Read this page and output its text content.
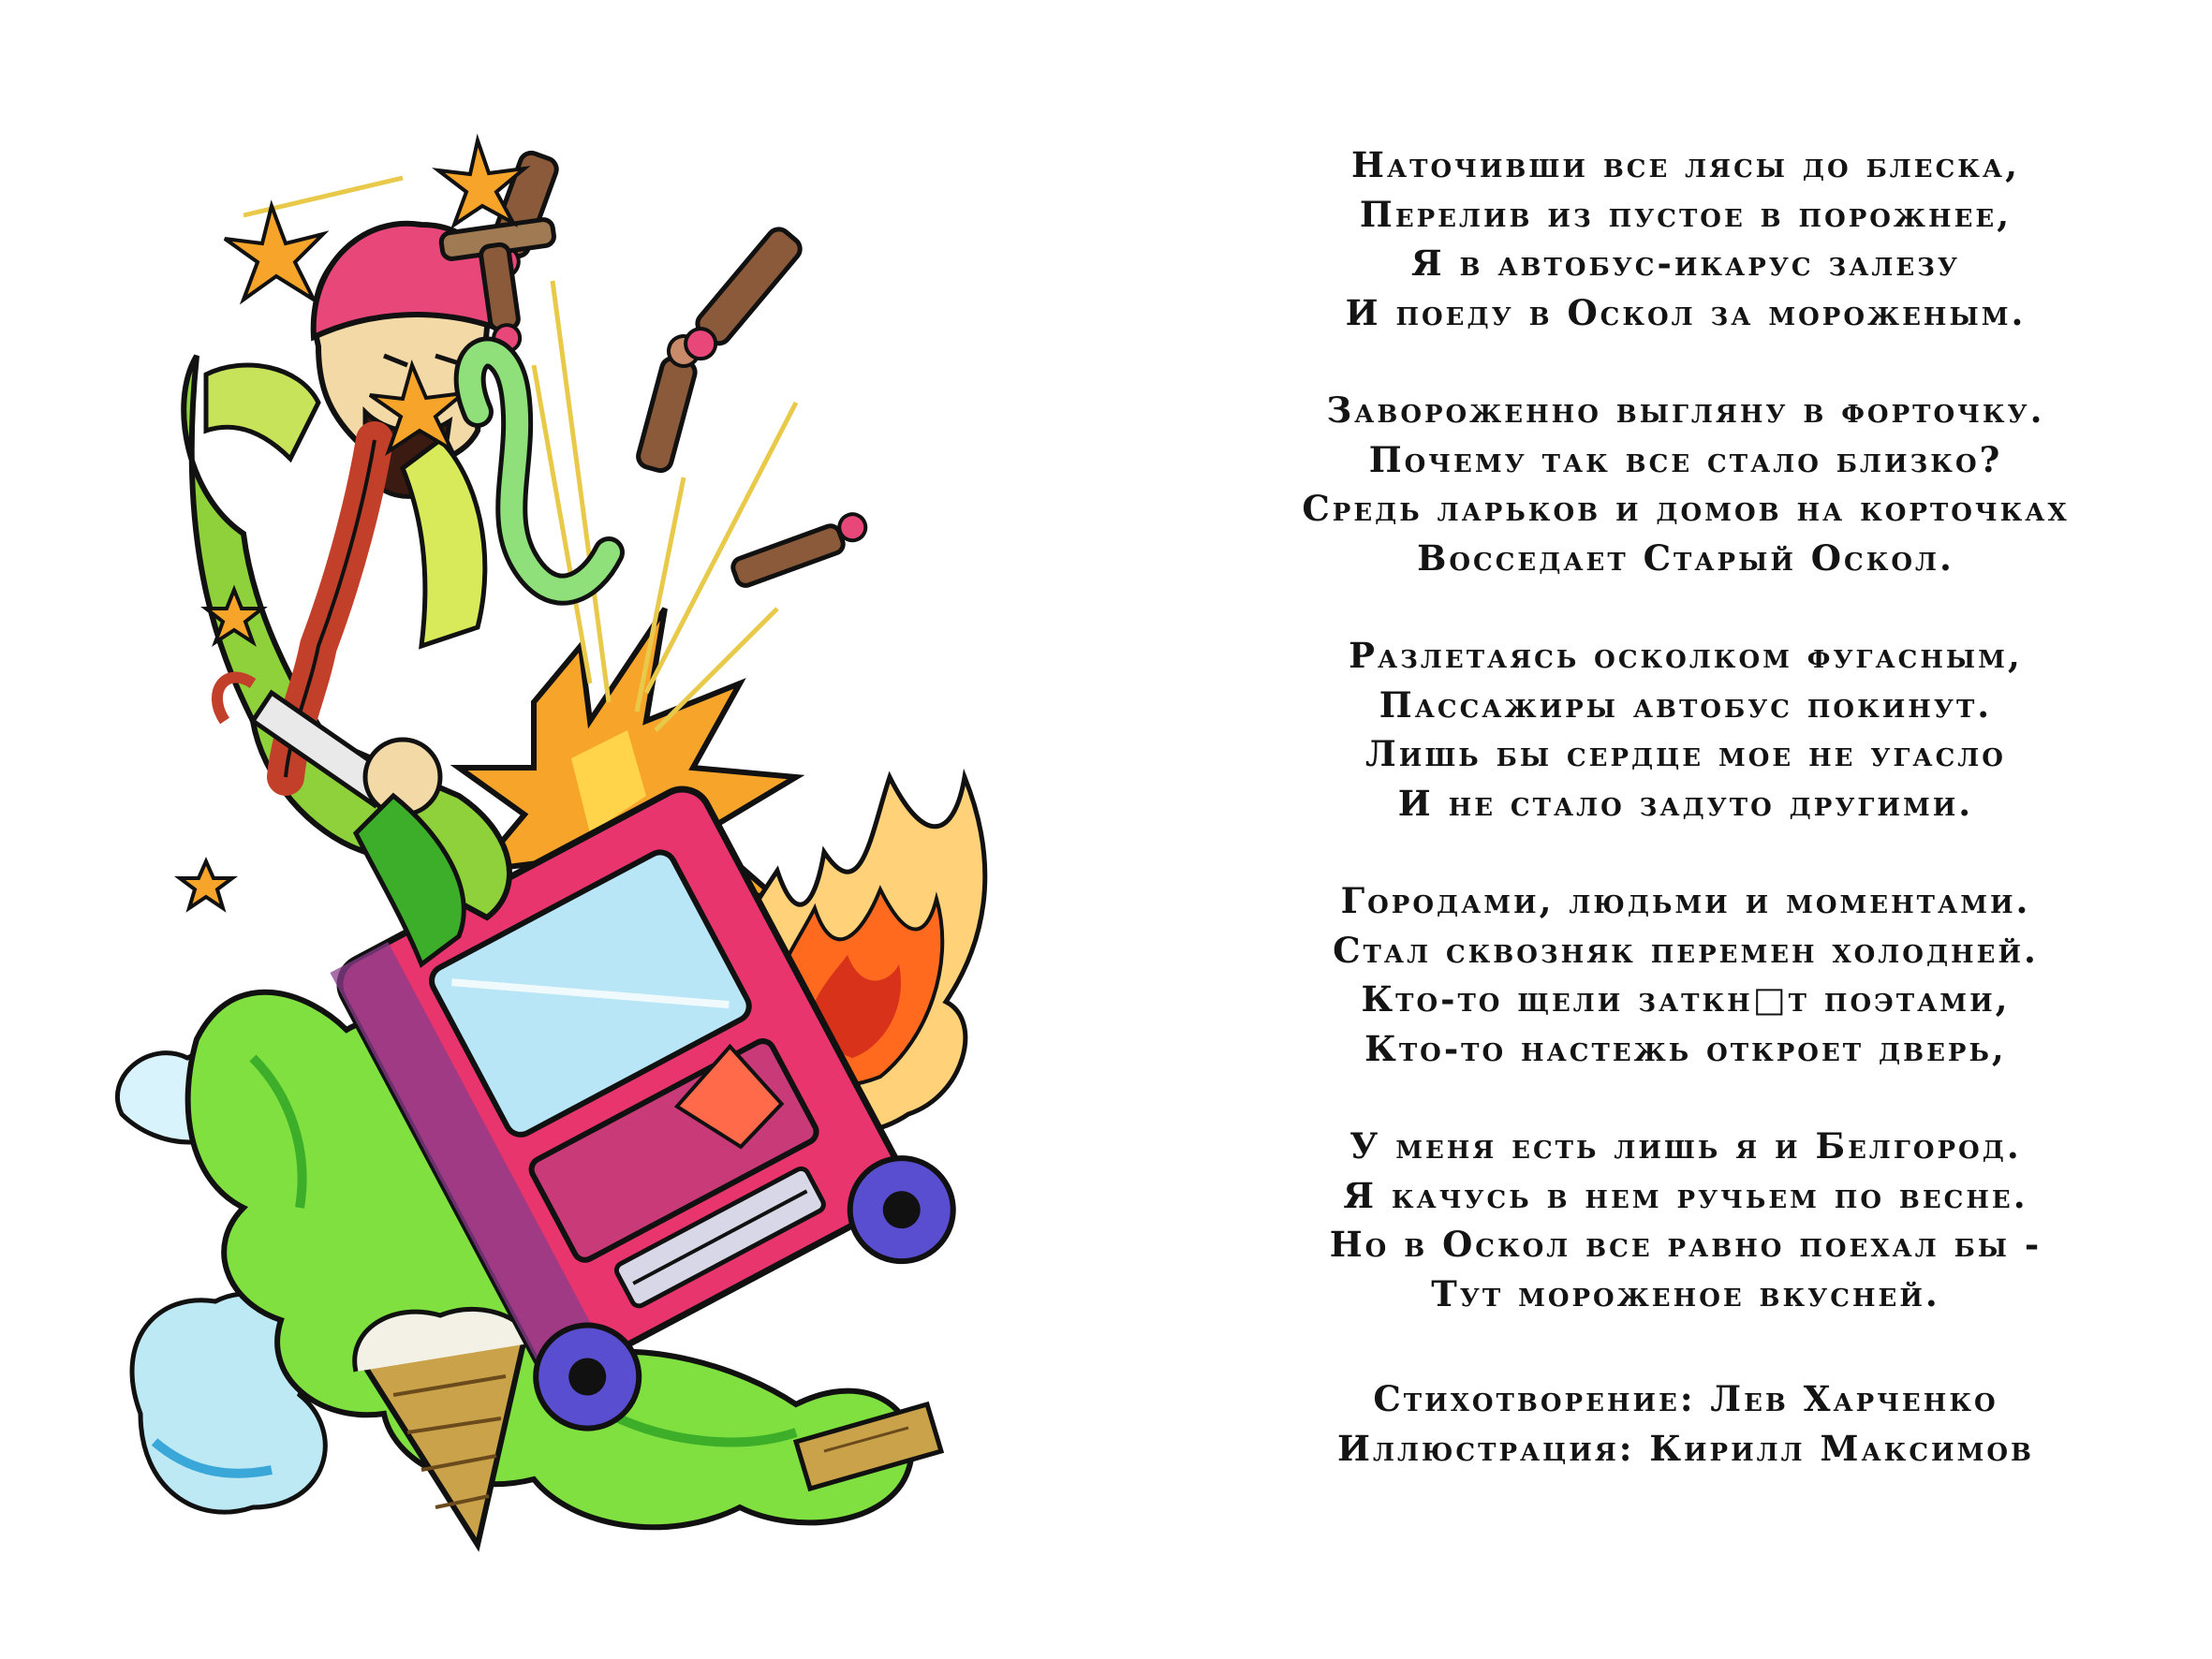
Наточивши все лясы до блеска,
Перелив из пустое в порожнее,
Я в автобус-икарус залезу
И поеду в Оскол за мороженым.
Завороженно выгляну в форточку.
Почему так все стало близко?
Средь ларьков и домов на корточках
Восседает Старый Оскол.
Разлетаясь осколком фугасным,
Пассажиры автобус покинут.
Лишь бы сердце мое не угасло
И не стало задуто другими.
Городами, людьми и моментами.
Стал сквозняк перемен холодней.
Кто-то щели заткн□т поэтами,
Кто-то настежь откроет дверь,
У меня есть лишь я и Белгород.
Я качусь в нем ручьем по весне.
Но в Оскол все равно поехал бы -
Тут мороженое вкусней.
Стихотворение: Лев Харченко
Иллюстрация: Кирилл Максимов
